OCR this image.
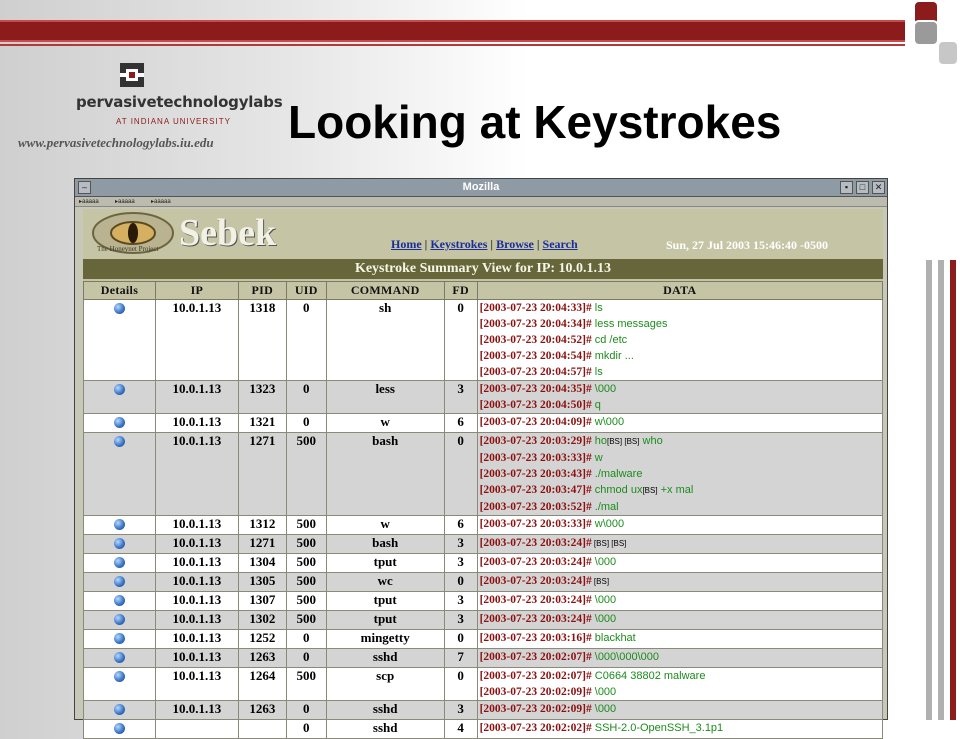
pervasivetechnologylabs
AT INDIANA UNIVERSITY
www.pervasivetechnologylabs.iu.edu Looking at Keystrokes
–	Mozilla	▪	□	✕
▸aaaaa	▸aaaaa	▸aaaaa
The Honeynet Project Sebek	Home | Keystrokes | Browse | Search	Sun, 27 Jul 2003 15:46:40 -0500
Keystroke Summary View for IP: 10.0.1.13
Details	IP	PID	UID	COMMAND	FD	DATA
	10.0.1.13	1318	0	sh	0	[2003-07-23 20:04:33]# ls
[2003-07-23 20:04:34]# less messages
[2003-07-23 20:04:52]# cd /etc
[2003-07-23 20:04:54]# mkdir ...
[2003-07-23 20:04:57]# ls

	10.0.1.13	1323	0	less	3	[2003-07-23 20:04:35]# \000
[2003-07-23 20:04:50]# q

	10.0.1.13	1321	0	w	6	[2003-07-23 20:04:09]# w\000

	10.0.1.13	1271	500	bash	0	[2003-07-23 20:03:29]# ho[BS] [BS] who
[2003-07-23 20:03:33]# w
[2003-07-23 20:03:43]# ./malware
[2003-07-23 20:03:47]# chmod ux[BS] +x mal
[2003-07-23 20:03:52]# ./mal

	10.0.1.13	1312	500	w	6	[2003-07-23 20:03:33]# w\000

	10.0.1.13	1271	500	bash	3	[2003-07-23 20:03:24]# [BS] [BS]

	10.0.1.13	1304	500	tput	3	[2003-07-23 20:03:24]# \000

	10.0.1.13	1305	500	wc	0	[2003-07-23 20:03:24]# [BS]

	10.0.1.13	1307	500	tput	3	[2003-07-23 20:03:24]# \000

	10.0.1.13	1302	500	tput	3	[2003-07-23 20:03:24]# \000

	10.0.1.13	1252	0	mingetty	0	[2003-07-23 20:03:16]# blackhat

	10.0.1.13	1263	0	sshd	7	[2003-07-23 20:02:07]# \000\000\000

	10.0.1.13	1264	500	scp	0	[2003-07-23 20:02:07]# C0664 38802 malware
[2003-07-23 20:02:09]# \000

	10.0.1.13	1263	0	sshd	3	[2003-07-23 20:02:09]# \000

			0	sshd	4	[2003-07-23 20:02:02]# SSH-2.0-OpenSSH_3.1p1
